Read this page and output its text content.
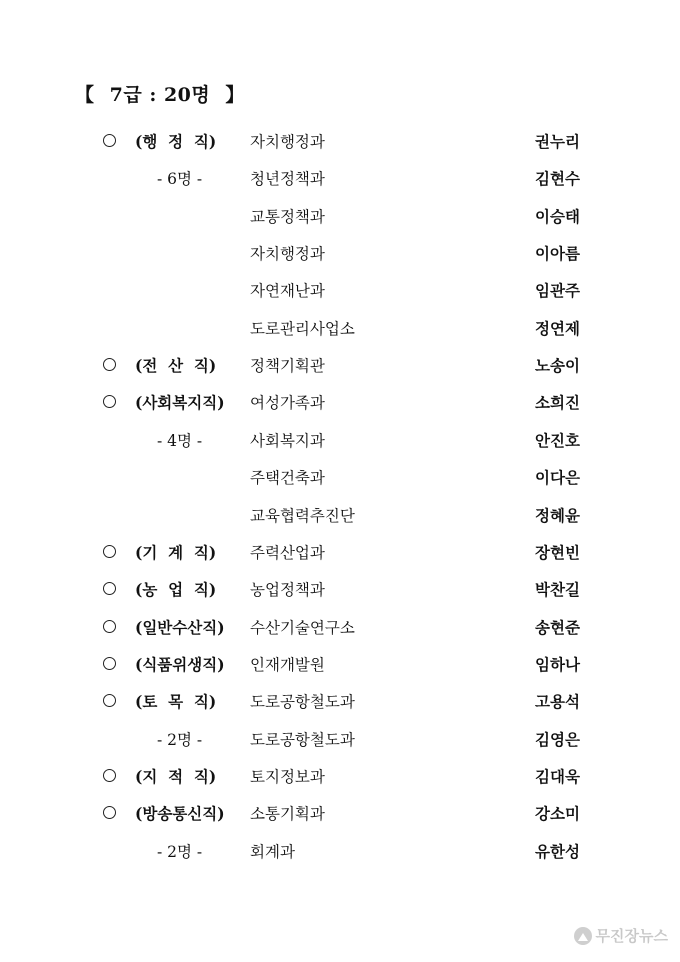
【 7급 : 20명 】
(행  정  직) 자치행정과	권누리
- 6명 -	청년정책과	김현수
교통정책과	이승태
자치행정과	이아름
자연재난과	임관주
도로관리사업소	정연제
(전  산  직) 정책기획관	노송이
(사회복지직) 여성가족과	소희진
- 4명 -	사회복지과	안진호
주택건축과	이다은
교육협력추진단	정혜윤
(기  계  직) 주력산업과	장현빈
(농  업  직) 농업정책과	박찬길
(일반수산직) 수산기술연구소	송현준
(식품위생직) 인재개발원	임하나
(토  목  직) 도로공항철도과	고용석
- 2명 -	도로공항철도과	김영은
(지  적  직) 토지정보과	김대욱
(방송통신직) 소통기획과	강소미
- 2명 -	회계과	유한성
무진장뉴스
